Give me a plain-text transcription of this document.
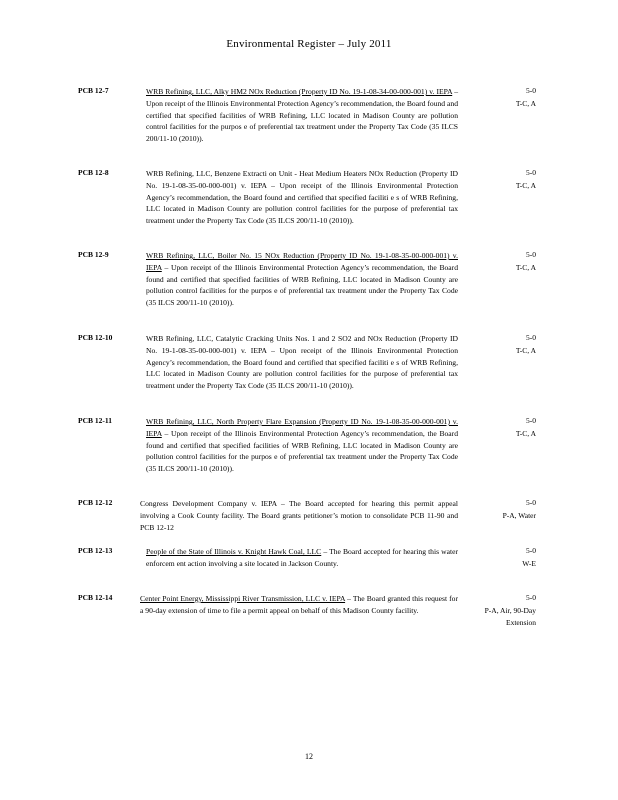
Environmental Register – July 2011
PCB 12-7	WRB Refining, LLC, Alky HM2 NOx Reduction (Property ID No. 19-1-08-34-00-000-001) v. IEPA – Upon receipt of the Illinois Environmental Protection Agency’s recommendation, the Board found and certified that specified facilities of WRB Refining, LLC located in Madison County are pollution control facilities for the purpos e of preferential tax treatment under the Property Tax Code (35 ILCS 200/11-10 (2010)).
5-0
T-C, A
PCB 12-8	WRB Refining, LLC, Benzene Extracti on Unit - Heat Medium Heaters NOx Reduction (Property ID No. 19-1-08-35-00-000-001) v. IEPA – Upon receipt of the Illinois Environmental Protection Agency’s recommendation, the Board found and certified that specified faciliti e s of WRB Refining, LLC located in Madison County are pollution control facilities for the purpose of preferential tax treatment under the Property Tax Code (35 ILCS 200/11-10 (2010)).
5-0
T-C, A
PCB 12-9	WRB Refining, LLC, Boiler No. 15 NOx Reduction (Property ID No. 19-1-08-35-00-000-001) v. IEPA – Upon receipt of the Illinois Environmental Protection Agency’s recommendation, the Board found and certified that specified facilities of WRB Refining, LLC located in Madison County are pollution control facilities for the purpos e of preferential tax treatment under the Property Tax Code (35 ILCS 200/11-10 (2010)).
5-0
T-C, A
PCB 12-10	WRB Refining, LLC, Catalytic Cracking Units Nos. 1 and 2 SO2 and NOx Reduction (Property ID No. 19-1-08-35-00-000-001) v. IEPA – Upon receipt of the Illinois Environmental Protection Agency’s recommendation, the Board found and certified that specified faciliti e s of WRB Refining, LLC located in Madison County are pollution control facilities for the purpose of preferential tax treatment under the Property Tax Code (35 ILCS 200/11-10 (2010)).
5-0
T-C, A
PCB 12-11	WRB Refining, LLC, North Property Flare Expansion (Property ID No. 19-1-08-35-00-000-001) v. IEPA – Upon receipt of the Illinois Environmental Protection Agency’s recommendation, the Board found and certified that specified facilities of WRB Refining, LLC located in Madison County are pollution control facilities for the purpos e of preferential tax treatment under the Property Tax Code (35 ILCS 200/11-10 (2010)).
5-0
T-C, A
PCB 12-12	Congress Development Company v. IEPA – The Board accepted for hearing this permit appeal involving a Cook County facility. The Board grants petitioner’s motion to consolidate PCB 11-90 and PCB 12-12
5-0
P-A, Water
PCB 12-13	People of the State of Illinois v. Knight Hawk Coal, LLC – The Board accepted for hearing this water enforcem ent action involving a site located in Jackson County.
5-0
W-E
PCB 12-14	Center Point Energy, Mississippi River Transmission, LLC v. IEPA – The Board granted this request for a 90-day extension of time to file a permit appeal on behalf of this Madison County facility.
5-0
P-A, Air, 90-Day Extension
12
